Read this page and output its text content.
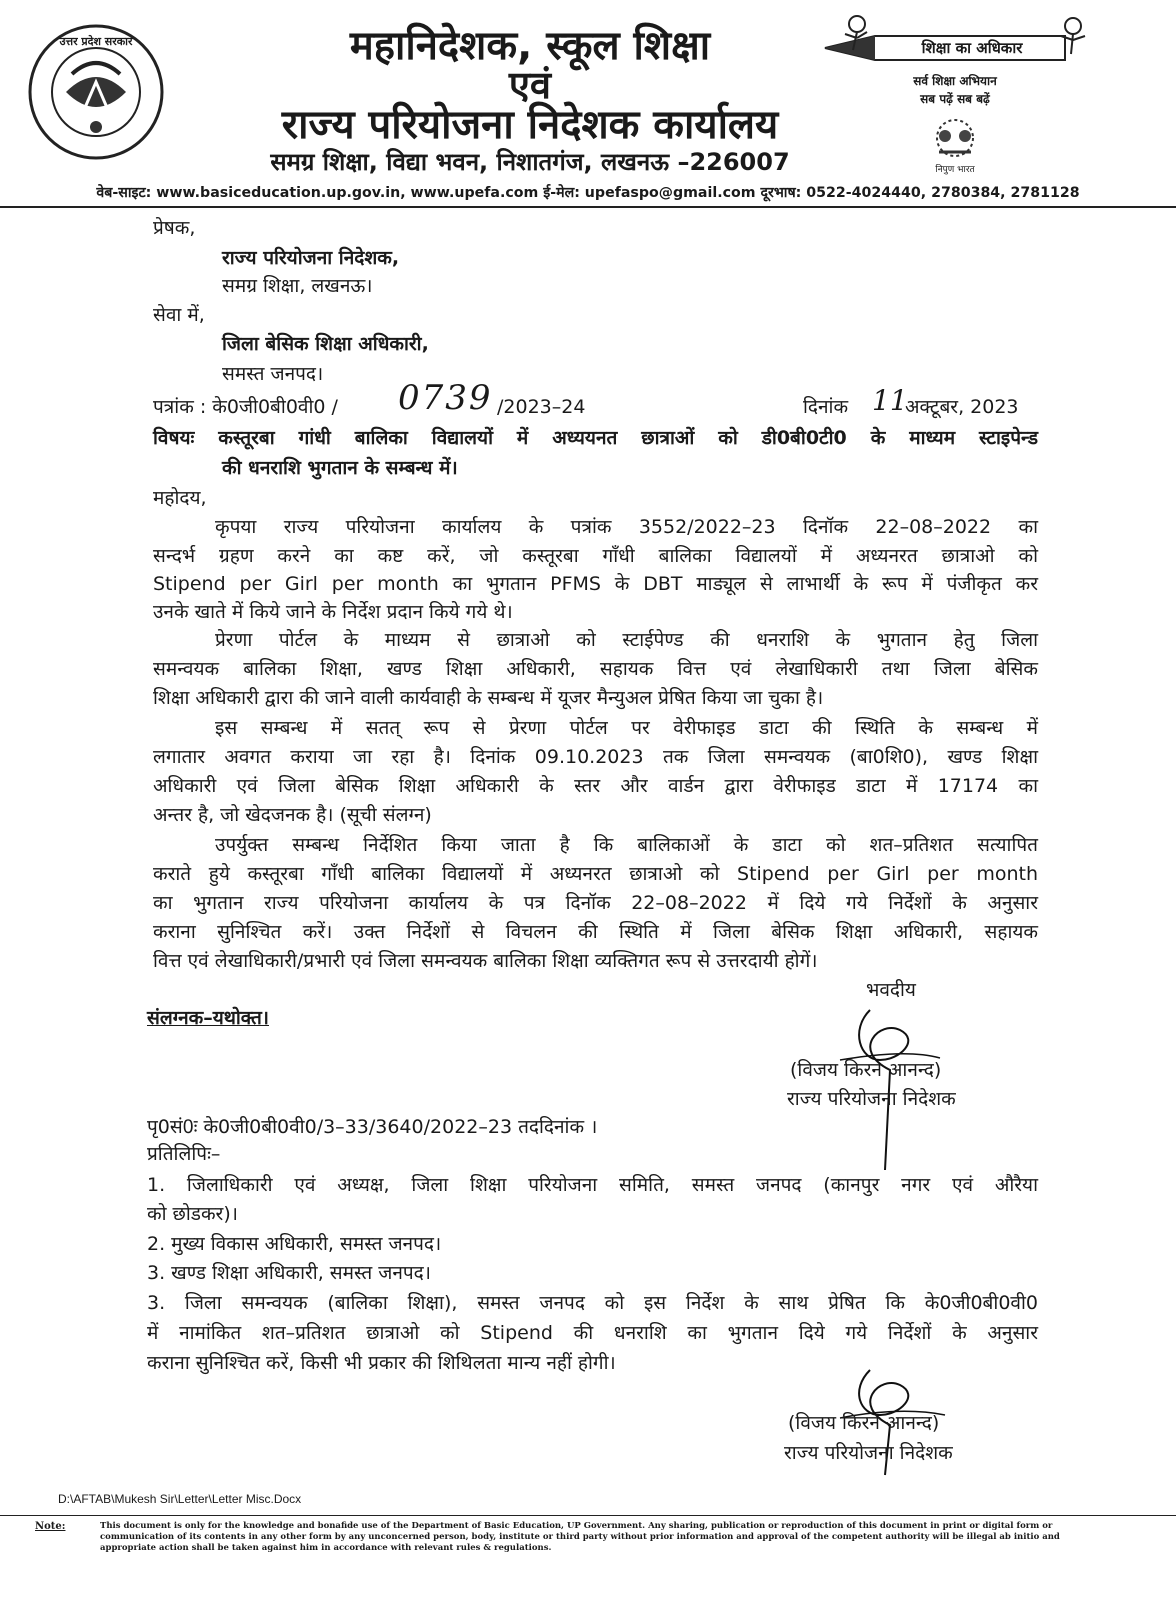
उत्तर प्रदेश सरकार	महानिदेशक, स्कूल शिक्षा
एवं
राज्य परियोजना निदेशक कार्यालय
समग्र शिक्षा, विद्या भवन, निशातगंज, लखनऊ –226007
शिक्षा का अधिकार
सर्व शिक्षा अभियान
सब पढ़ें सब बढ़ें
निपुण भारत
वेब-साइट: www.basiceducation.up.gov.in, www.upefa.com ई-मेल: upefaspo@gmail.com दूरभाष: 0522-4024440, 2780384, 2781128
प्रेषक,
राज्य परियोजना निदेशक,
समग्र शिक्षा, लखनऊ।
सेवा में,
जिला बेसिक शिक्षा अधिकारी,
समस्त जनपद।
पत्रांक : के0जी0बी0वी0 / 0739 /2023–24	दिनांक 11
अक्टूबर, 2023
विषयः कस्तूरबा गांधी बालिका विद्यालयों में अध्ययनत छात्राओं को डी0बी0टी0 के माध्यम स्टाइपेन्ड
की धनराशि भुगतान के सम्बन्ध में।
महोदय,
कृपया राज्य परियोजना कार्यालय के पत्रांक 3552/2022–23 दिनॉक 22–08–2022 का
सन्दर्भ ग्रहण करने का कष्ट करें, जो कस्तूरबा गाँधी बालिका विद्यालयों में अध्यनरत छात्राओ को
Stipend per Girl per month का भुगतान PFMS के DBT माड्यूल से लाभार्थी के रूप में पंजीकृत कर
उनके खाते में किये जाने के निर्देश प्रदान किये गये थे।
प्रेरणा पोर्टल के माध्यम से छात्राओ को स्टाईपेण्ड की धनराशि के भुगतान हेतु जिला
समन्वयक बालिका शिक्षा, खण्ड शिक्षा अधिकारी, सहायक वित्त एवं लेखाधिकारी तथा जिला बेसिक
शिक्षा अधिकारी द्वारा की जाने वाली कार्यवाही के सम्बन्ध में यूजर मैन्युअल प्रेषित किया जा चुका है।
इस सम्बन्ध में सतत् रूप से प्रेरणा पोर्टल पर वेरीफाइड डाटा की स्थिति के सम्बन्ध में
लगातार अवगत कराया जा रहा है। दिनांक 09.10.2023 तक जिला समन्वयक (बा0शि0), खण्ड शिक्षा
अधिकारी एवं जिला बेसिक शिक्षा अधिकारी के स्तर और वार्डन द्वारा वेरीफाइड डाटा में 17174 का
अन्तर है, जो खेदजनक है। (सूची संलग्न)
उपर्युक्त सम्बन्ध निर्देशित किया जाता है कि बालिकाओं के डाटा को शत–प्रतिशत सत्यापित
कराते हुये कस्तूरबा गाँधी बालिका विद्यालयों में अध्यनरत छात्राओ को Stipend per Girl per month
का भुगतान राज्य परियोजना कार्यालय के पत्र दिनॉक 22–08–2022 में दिये गये निर्देशों के अनुसार
कराना सुनिश्चित करें। उक्त निर्देशों से विचलन की स्थिति में जिला बेसिक शिक्षा अधिकारी, सहायक
वित्त एवं लेखाधिकारी/प्रभारी एवं जिला समन्वयक बालिका शिक्षा व्यक्तिगत रूप से उत्तरदायी होगें।
भवदीय
संलग्नक–यथोक्त।
(विजय किरन आनन्द)
राज्य परियोजना निदेशक
पृ0सं0ः के0जी0बी0वी0/3–33/3640/2022–23 तददिनांक ।
प्रतिलिपिः–
1. जिलाधिकारी एवं अध्यक्ष, जिला शिक्षा परियोजना समिति, समस्त जनपद (कानपुर नगर एवं औरैया
को छोडकर)।
2. मुख्य विकास अधिकारी, समस्त जनपद।
3. खण्ड शिक्षा अधिकारी, समस्त जनपद।
3. जिला समन्वयक (बालिका शिक्षा), समस्त जनपद को इस निर्देश के साथ प्रेषित कि के0जी0बी0वी0
में नामांकित शत–प्रतिशत छात्राओ को Stipend की धनराशि का भुगतान दिये गये निर्देशों के अनुसार
कराना सुनिश्चित करें, किसी भी प्रकार की शिथिलता मान्य नहीं होगी।
(विजय किरन आनन्द)
राज्य परियोजना निदेशक
D:\AFTAB\Mukesh Sir\Letter\Letter Misc.Docx
Note:	This document is only for the knowledge and bonafide use of the Department of Basic Education, UP Government. Any sharing, publication or reproduction of this document in print or digital form or communication of its contents in any other form by any unconcerned person, body, institute or third party without prior information and approval of the competent authority will be illegal ab initio and appropriate action shall be taken against him in accordance with relevant rules & regulations.
